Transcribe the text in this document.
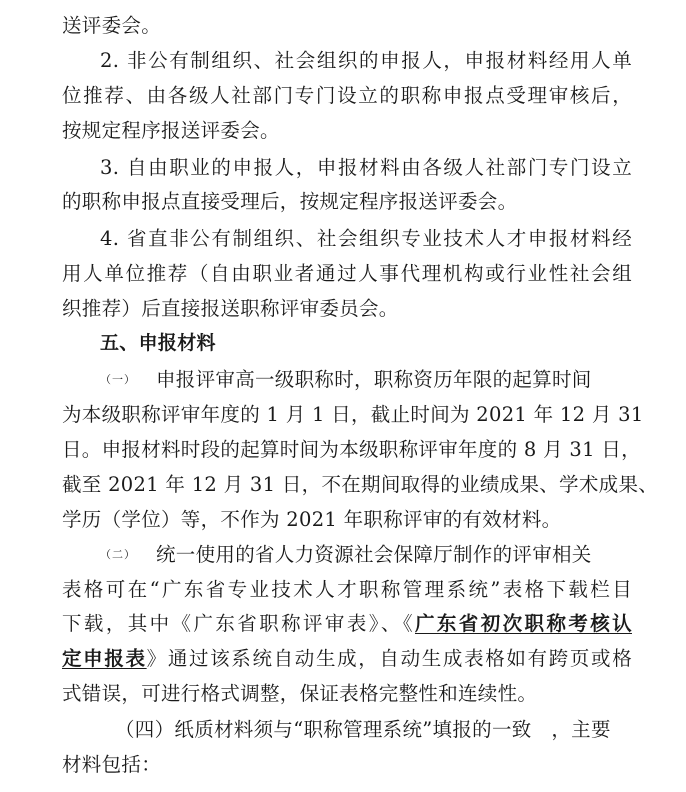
送评委会。
2. 非公有制组织、社会组织的申报人，申报材料经用人单
位推荐、由各级人社部门专门设立的职称申报点受理审核后，
按规定程序报送评委会。
3. 自由职业的申报人，申报材料由各级人社部门专门设立
的职称申报点直接受理后，按规定程序报送评委会。
4. 省直非公有制组织、社会组织专业技术人才申报材料经
用人单位推荐（自由职业者通过人事代理机构或行业性社会组
织推荐）后直接报送职称评审委员会。
五、申报材料
（一） 申报评审高一级职称时，职称资历年限的起算时间
为本级职称评审年度的 1 月 1 日，截止时间为 2021 年 12 月 31
日。申报材料时段的起算时间为本级职称评审年度的 8 月 31 日，
截至 2021 年 12 月 31 日，不在期间取得的业绩成果、学术成果、
学历（学位）等，不作为 2021 年职称评审的有效材料。
（二） 统一使用的省人力资源社会保障厅制作的评审相关
表格可在“广东省专业技术人才职称管理系统”表格下载栏目
下载，其中《广东省职称评审表》、《广东省初次职称考核认
定申报表》通过该系统自动生成，自动生成表格如有跨页或格
式错误，可进行格式调整，保证表格完整性和连续性。
（四）纸质材料须与“职称管理系统”填报的一致　，主要
材料包括：
